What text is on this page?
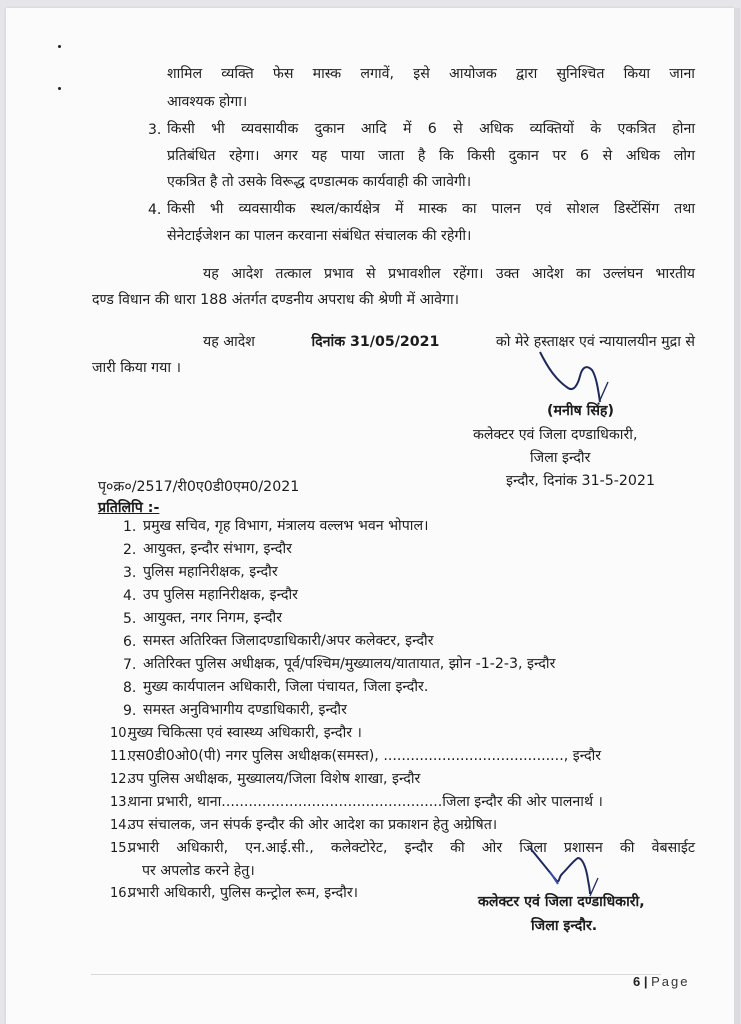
शामिल व्यक्ति फेस मास्क लगावें, इसे आयोजक द्वारा सुनिश्चित किया जाना
आवश्यक होगा।
3. किसी भी व्यवसायीक दुकान आदि में 6 से अधिक व्यक्तियों के एकत्रित होना
प्रतिबंधित रहेगा। अगर यह पाया जाता है कि किसी दुकान पर 6 से अधिक लोग
एकत्रित है तो उसके विरूद्ध दण्डात्मक कार्यवाही की जावेगी।
4. किसी भी व्यवसायीक स्थल/कार्यक्षेत्र में मास्क का पालन एवं सोशल डिस्टेंसिंग तथा
सेनेटाईजेशन का पालन करवाना संबंधित संचालक की रहेगी।
यह आदेश तत्काल प्रभाव से प्रभावशील रहेंगा। उक्त आदेश का उल्लंघन भारतीय
दण्ड विधान की धारा 188 अंतर्गत दण्डनीय अपराध की श्रेणी में आवेगा।
यह आदेश	दिनांक 31/05/2021	को मेरे हस्ताक्षर एवं न्यायालयीन मुद्रा से
जारी किया गया ।
(मनीष सिंह)
कलेक्टर एवं जिला दण्डाधिकारी,
जिला इन्दौर
इन्दौर, दिनांक 31-5-2021
पृ०क्र०/2517/री0ए0डी0एम0/2021
प्रतिलिपि :-
1. प्रमुख सचिव, गृह विभाग, मंत्रालय वल्लभ भवन भोपाल।
2. आयुक्त, इन्दौर संभाग, इन्दौर
3. पुलिस महानिरीक्षक, इन्दौर
4. उप पुलिस महानिरीक्षक, इन्दौर
5. आयुक्त, नगर निगम, इन्दौर
6. समस्त अतिरिक्त जिलादण्डाधिकारी/अपर कलेक्टर, इन्दौर
7. अतिरिक्त पुलिस अधीक्षक, पूर्व/पश्चिम/मुख्यालय/यातायात, झोन -1-2-3, इन्दौर
8. मुख्य कार्यपालन अधिकारी, जिला पंचायत, जिला इन्दौर.
9. समस्त अनुविभागीय दण्डाधिकारी, इन्दौर
10.
मुख्य चिकित्सा एवं स्वास्थ्य अधिकारी, इन्दौर ।
11.
एस0डी0ओ0(पी) नगर पुलिस अधीक्षक(समस्त), ........................................, इन्दौर
12.
उप पुलिस अधीक्षक, मुख्यालय/जिला विशेष शाखा, इन्दौर
13.
थाना प्रभारी, थाना.................................................जिला इन्दौर की ओर पालनार्थ ।
14.
उप संचालक, जन संपर्क इन्दौर की ओर आदेश का प्रकाशन हेतु अग्रेषित।
15.
प्रभारी अधिकारी, एन.आई.सी., कलेक्टोरेट, इन्दौर की ओर जिला प्रशासन की वेबसाईट
पर अपलोड करने हेतु।
16.
प्रभारी अधिकारी, पुलिस कन्ट्रोल रूम, इन्दौर।
कलेक्टर एवं जिला दण्डाधिकारी,
जिला इन्दौर.
6 | Page
